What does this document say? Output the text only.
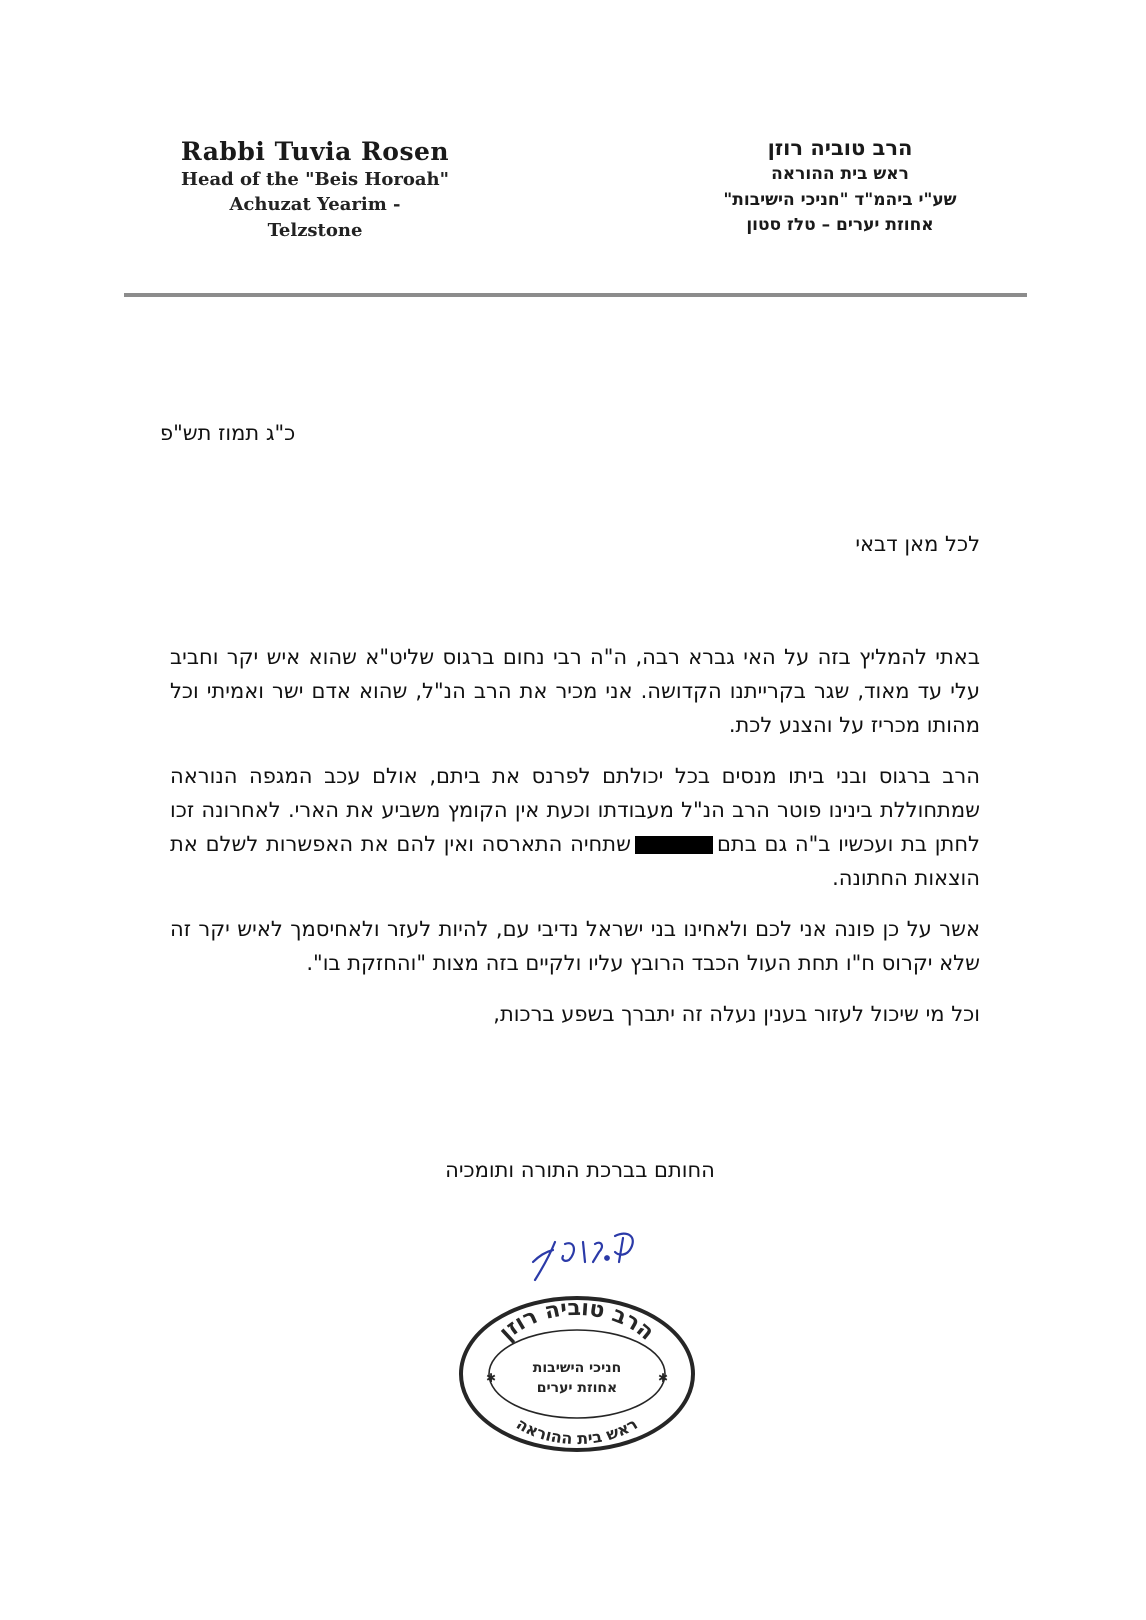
Rabbi Tuvia Rosen
Head of the "Beis Horoah"
Achuzat Yearim -
Telzstone
הרב טוביה רוזן
ראש בית ההוראה
שע"י ביהמ"ד "חניכי הישיבות"
אחוזת יערים – טלז סטון
כ"ג תמוז תש"פ
לכל מאן דבאי

באתי להמליץ בזה על האי גברא רבה, ה"ה רבי נחום ברגוס שליט"א שהוא איש יקר וחביב עלי עד מאוד, שגר בקרייתנו הקדושה. אני מכיר את הרב הנ"ל, שהוא אדם ישר ואמיתי וכל מהותו מכריז על והצנע לכת.

הרב ברגוס ובני ביתו מנסים בכל יכולתם לפרנס את ביתם, אולם עכב המגפה הנוראה שמתחוללת בינינו פוטר הרב הנ"ל מעבודתו וכעת אין הקומץ משביע את הארי. לאחרונה זכו לחתן בת ועכשיו ב"ה גם בתםשתחיה התארסה ואין להם את האפשרות לשלם את הוצאות החתונה.

אשר על כן פונה אני לכם ולאחינו בני ישראל נדיבי עם, להיות לעזר ולאחיסמך לאיש יקר זה שלא יקרוס ח"ו תחת העול הכבד הרובץ עליו ולקיים בזה מצות "והחזקת בו".

וכל מי שיכול לעזור בענין נעלה זה יתברך בשפע ברכות,

החותם בברכת התורה ותומכיה
הרב טוביה רוזן
חניכי הישיבות
אחוזת יערים
ראש בית ההוראה
✱	✱
